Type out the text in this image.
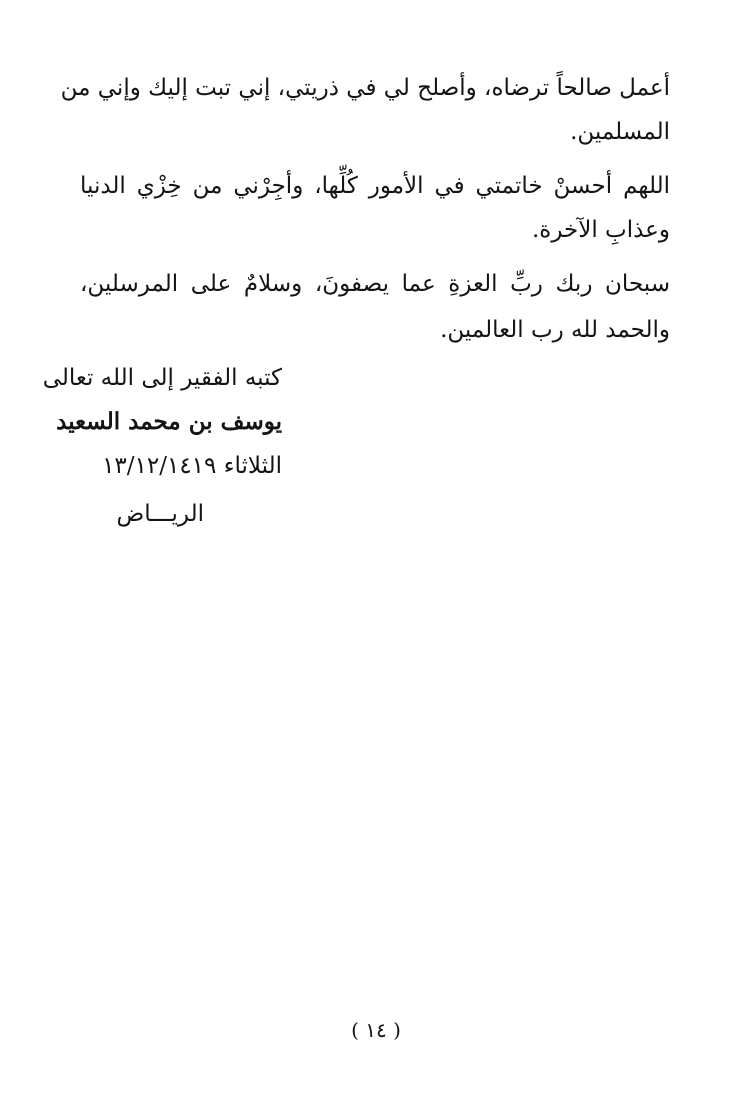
أعمل صالحاً ترضاه، وأصلح لي في ذريتي، إني تبت إليك وإني من
المسلمين.
اللهم أحسنْ خاتمتي في الأمور كُلِّها، وأجِرْني من خِزْي الدنيا
وعذابِ الآخرة.
سبحان ربك ربِّ العزةِ عما يصفونَ، وسلامٌ على المرسلين،
والحمد لله رب العالمين.
كتبه الفقير إلى الله تعالى
يوسف بن محمد السعيد
الثلاثاء ١٣/١٢/١٤١٩
الريـــاض
( ١٤ )
